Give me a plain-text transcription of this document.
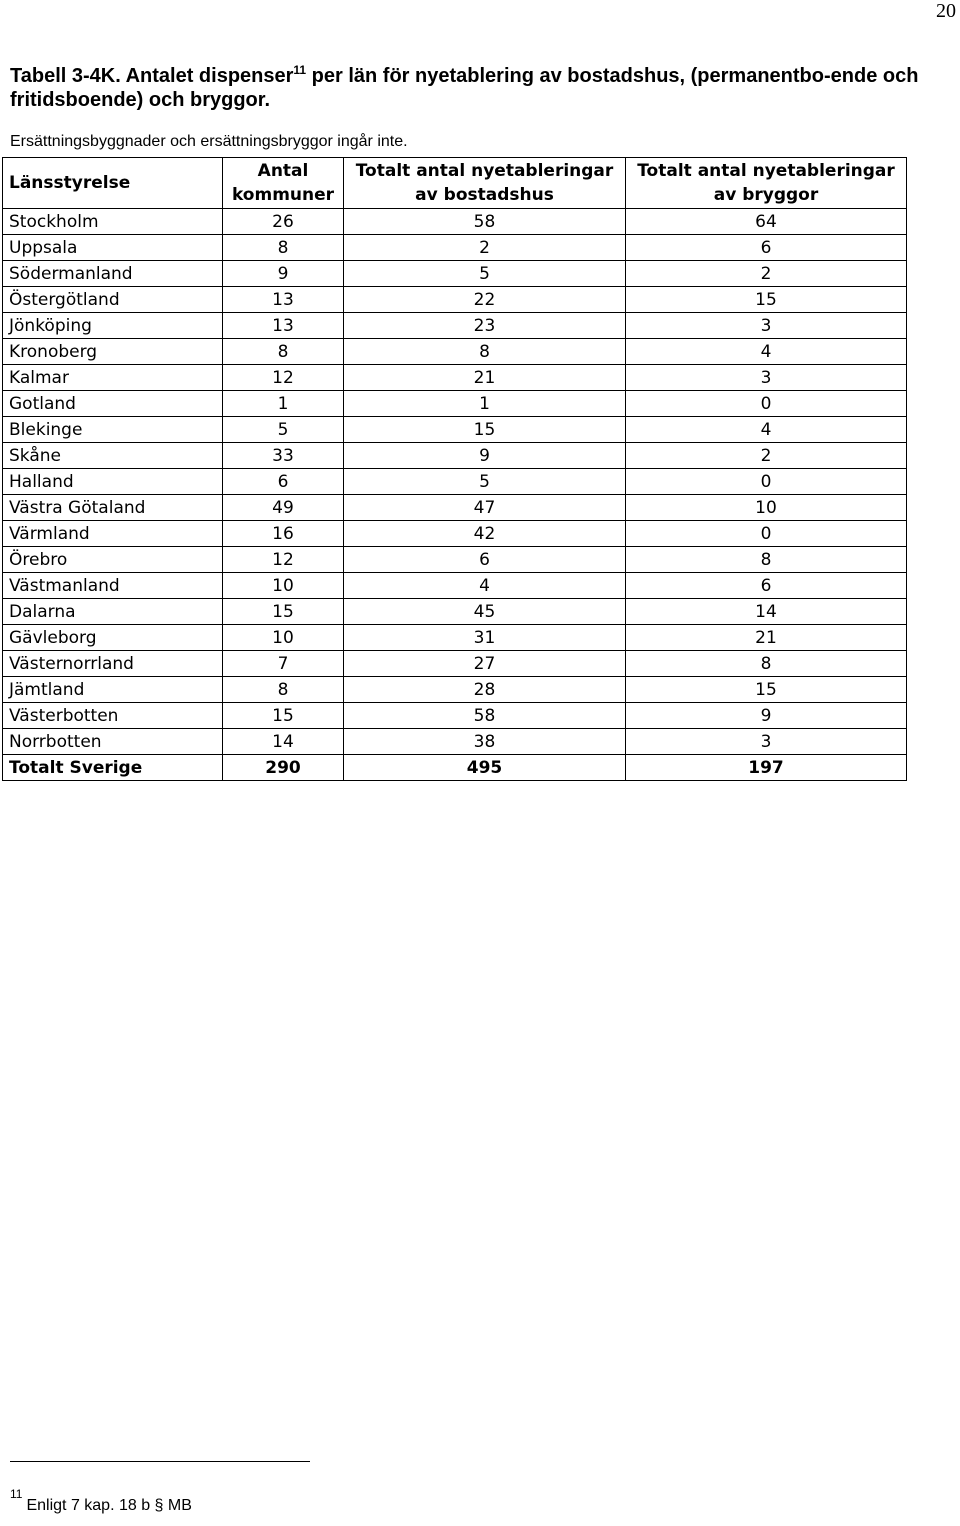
20
Tabell 3-4K. Antalet dispenser$^{11}$ per län för nyetablering av bostadshus, (permanentbo-ende och fritidsboende) och bryggor.
Ersättningsbyggnader och ersättningsbryggor ingår inte.
Länsstyrelse	Antal kommuner	Totalt antal nyetableringar av bostadshus	Totalt antal nyetableringar av bryggor
Stockholm	26	58	64
Uppsala	8	2	6
Södermanland	9	5	2
Östergötland	13	22	15
Jönköping	13	23	3
Kronoberg	8	8	4
Kalmar	12	21	3
Gotland	1	1	0
Blekinge	5	15	4
Skåne	33	9	2
Halland	6	5	0
Västra Götaland	49	47	10
Värmland	16	42	0
Örebro	12	6	8
Västmanland	10	4	6
Dalarna	15	45	14
Gävleborg	10	31	21
Västernorrland	7	27	8
Jämtland	8	28	15
Västerbotten	15	58	9
Norrbotten	14	38	3
Totalt Sverige	290	495	197
$^{11}$Enligt 7 kap. 18 b § MB
